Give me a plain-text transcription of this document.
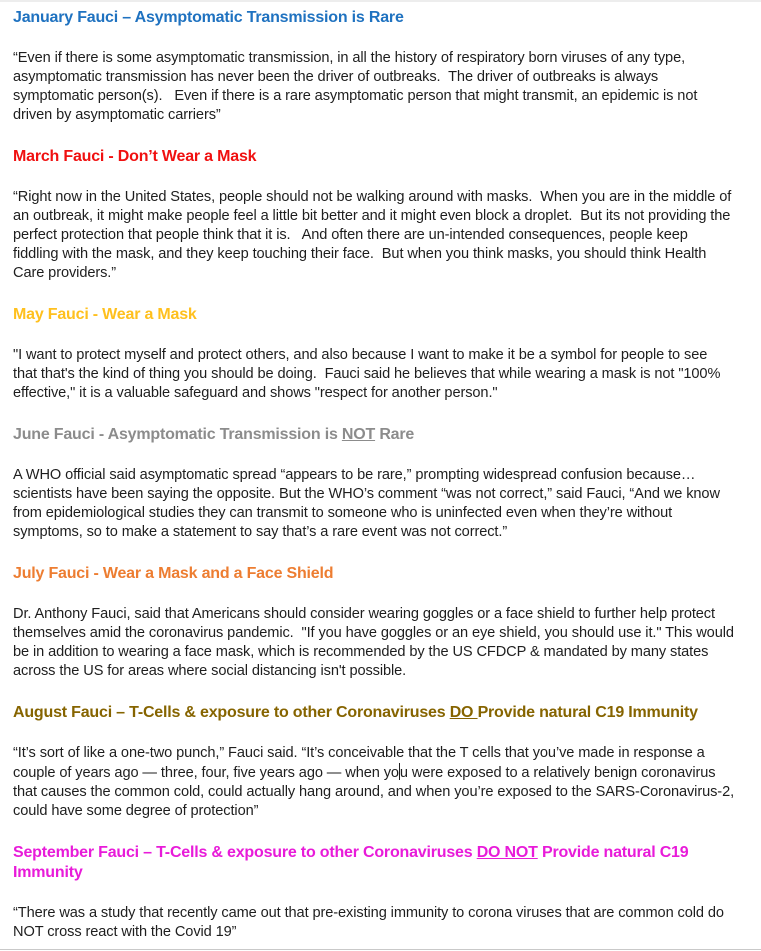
January Fauci – Asymptomatic Transmission is Rare

“Even if there is some asymptomatic transmission, in all the history of respiratory born viruses of any type, asymptomatic transmission has never been the driver of outbreaks.  The driver of outbreaks is always symptomatic person(s).   Even if there is a rare asymptomatic person that might transmit, an epidemic is not driven by asymptomatic carriers”

March Fauci - Don’t Wear a Mask

“Right now in the United States, people should not be walking around with masks.  When you are in the middle of an outbreak, it might make people feel a little bit better and it might even block a droplet.  But its not providing the perfect protection that people think that it is.   And often there are un-intended consequences, people keep fiddling with the mask, and they keep touching their face.  But when you think masks, you should think Health Care providers.”

May Fauci - Wear a Mask

"I want to protect myself and protect others, and also because I want to make it be a symbol for people to see that that's the kind of thing you should be doing.  Fauci said he believes that while wearing a mask is not "100% effective," it is a valuable safeguard and shows "respect for another person."

June Fauci - Asymptomatic Transmission is NOT Rare

A WHO official said asymptomatic spread “appears to be rare,” prompting widespread confusion because…scientists have been saying the opposite. But the WHO’s comment “was not correct,” said Fauci, “And we know from epidemiological studies they can transmit to someone who is uninfected even when they’re without symptoms, so to make a statement to say that’s a rare event was not correct.”

July Fauci - Wear a Mask and a Face Shield

Dr. Anthony Fauci, said that Americans should consider wearing goggles or a face shield to further help protect themselves amid the coronavirus pandemic.  "If you have goggles or an eye shield, you should use it." This would be in addition to wearing a face mask, which is recommended by the US CFDCP & mandated by many states across the US for areas where social distancing isn't possible.

August Fauci – T-Cells & exposure to other Coronaviruses DO Provide natural C19 Immunity

“It’s sort of like a one-two punch,” Fauci said. “It’s conceivable that the T cells that you’ve made in response a couple of years ago — three, four, five years ago — when you were exposed to a relatively benign coronavirus that causes the common cold, could actually hang around, and when you’re exposed to the SARS-Coronavirus-2, could have some degree of protection”

September Fauci – T-Cells & exposure to other Coronaviruses DO NOT Provide natural C19 Immunity

“There was a study that recently came out that pre-existing immunity to corona viruses that are common cold do NOT cross react with the Covid 19”
